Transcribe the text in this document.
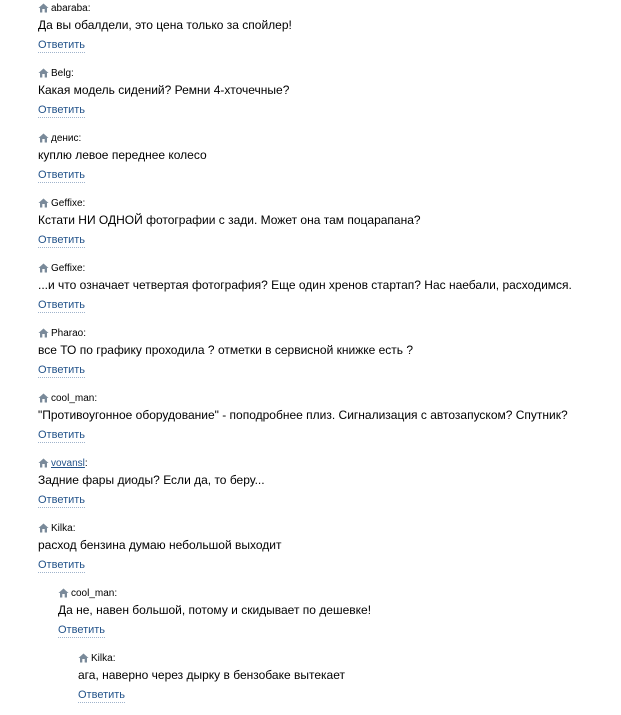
abaraba :
Да вы обалдели, это цена только за спойлер!
Ответить
Belg :
Какая модель сидений? Ремни 4-хточечные?
Ответить
денис :
куплю левое переднее колесо
Ответить
Geffixe :
Кстати НИ ОДНОЙ фотографии с зади. Может она там поцарапана?
Ответить
Geffixe :
...и что означает четвертая фотография? Еще один хренов стартап? Нас наебали, расходимся.
Ответить
Pharao :
все ТО по графику проходила ? отметки в сервисной книжке есть ?
Ответить
cool_man :
"Противоугонное оборудование" - поподробнее плиз. Сигнализация с автозапуском? Спутник?
Ответить
vovansl :
Задние фары диоды? Если да, то беру...
Ответить
Kilka :
расход бензина думаю небольшой выходит
Ответить
cool_man :
Да не, навен большой, потому и скидывает по дешевке!
Ответить
Kilka :
ага, наверно через дырку в бензобаке вытекает
Ответить
